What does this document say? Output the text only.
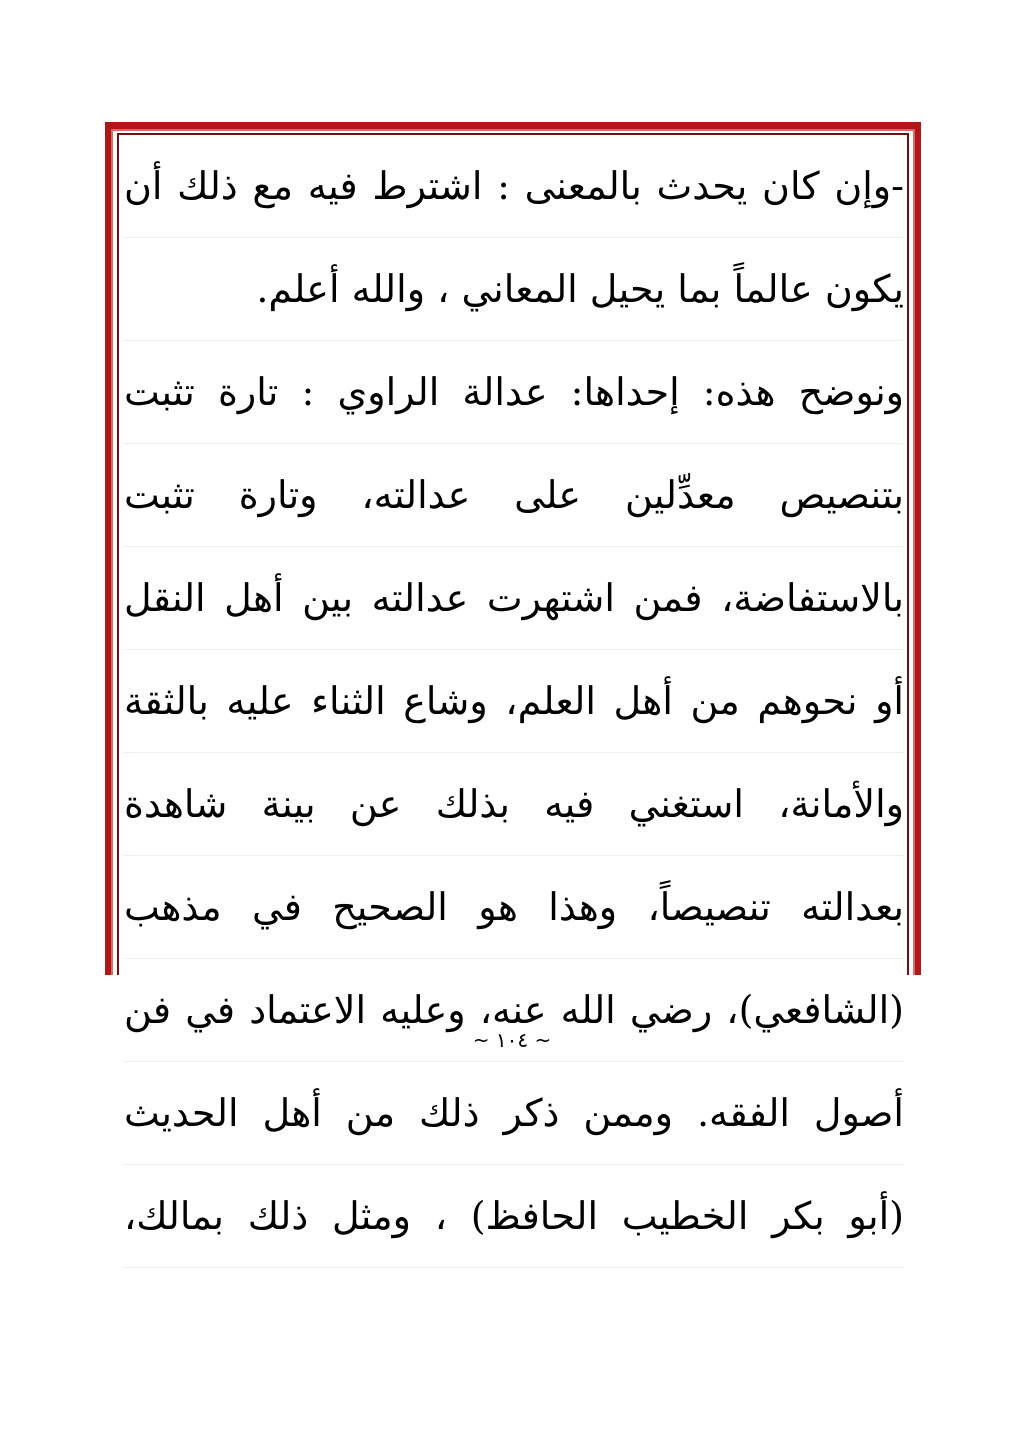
-وإن كان يحدث بالمعنى : اشترط فيه مع ذلك أن
يكون عالماً بما يحيل المعاني ، والله أعلم.
ونوضح هذه: إحداها: عدالة الراوي : تارة تثبت
بتنصيص معدِّلين على عدالته، وتارة تثبت
بالاستفاضة، فمن اشتهرت عدالته بين أهل النقل
أو نحوهم من أهل العلم، وشاع الثناء عليه بالثقة
والأمانة، استغني فيه بذلك عن بينة شاهدة
بعدالته تنصيصاً، وهذا هو الصحيح في مذهب
(الشافعي)، رضي الله عنه، وعليه الاعتماد في فن
أصول الفقه. وممن ذكر ذلك من أهل الحديث
(أبو بكر الخطيب الحافظ) ، ومثل ذلك بمالك،
~ ١٠٤ ~
